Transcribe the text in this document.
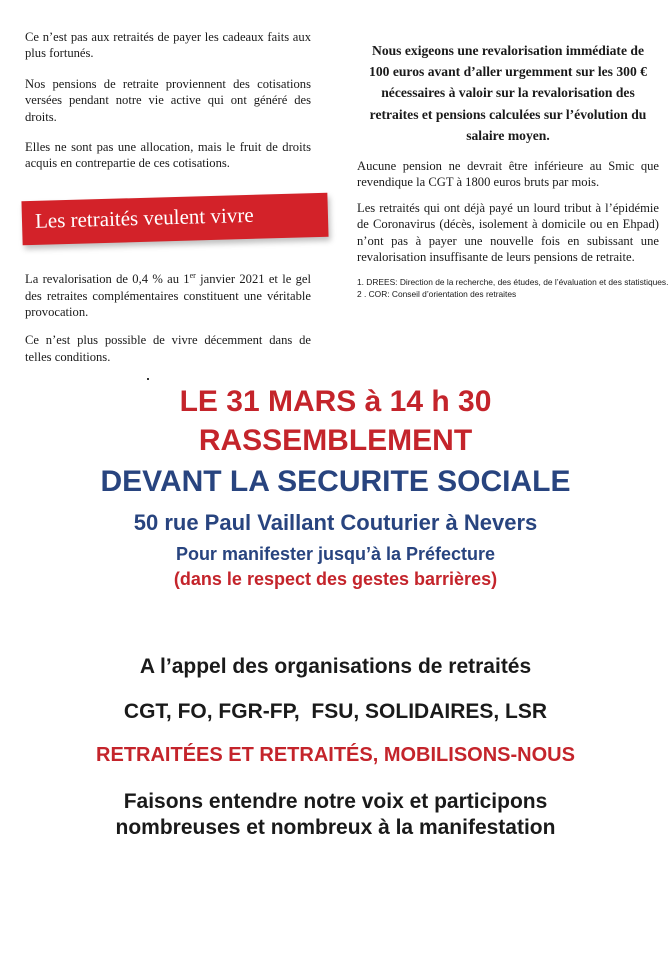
Ce n’est pas aux retraités de payer les cadeaux faits aux plus fortunés.

Nos pensions de retraite proviennent des cotisations versées pendant notre vie active qui ont généré des droits.

Elles ne sont pas une allocation, mais le fruit de droits acquis en contrepartie de ces cotisations.

Les retraités veulent vivre

La revalorisation de 0,4 % au 1er janvier 2021 et le gel des retraites complémentaires constituent une véritable provocation.

Ce n’est plus possible de vivre décemment dans de telles conditions.

Nous exigeons une revalorisation immédiate de 100 euros avant d’aller urgemment sur les 300 € nécessaires à valoir sur la revalorisation des retraites et pensions calculées sur l’évolution du salaire moyen.

Aucune pension ne devrait être inférieure au Smic que revendique la CGT à 1800 euros bruts par mois.

Les retraités qui ont déjà payé un lourd tribut à l’épidémie de Coronavirus (décès, isolement à domicile ou en Ehpad) n’ont pas à payer une nouvelle fois en subissant une revalorisation insuffisante de leurs pensions de retraite.

1. DREES: Direction de la recherche, des études, de l’évaluation et des statistiques.

2 . COR: Conseil d’orientation des retraites

LE 31 MARS à 14 h 30
RASSEMBLEMENT
DEVANT LA SECURITE SOCIALE
50 rue Paul Vaillant Couturier à Nevers
Pour manifester jusqu’à la Préfecture
(dans le respect des gestes barrières)
A l’appel des organisations de retraités
CGT, FO, FGR-FP,  FSU, SOLIDAIRES, LSR
RETRAITÉES ET RETRAITÉS, MOBILISONS-NOUS
Faisons entendre notre voix et participons
nombreuses et nombreux à la manifestation
